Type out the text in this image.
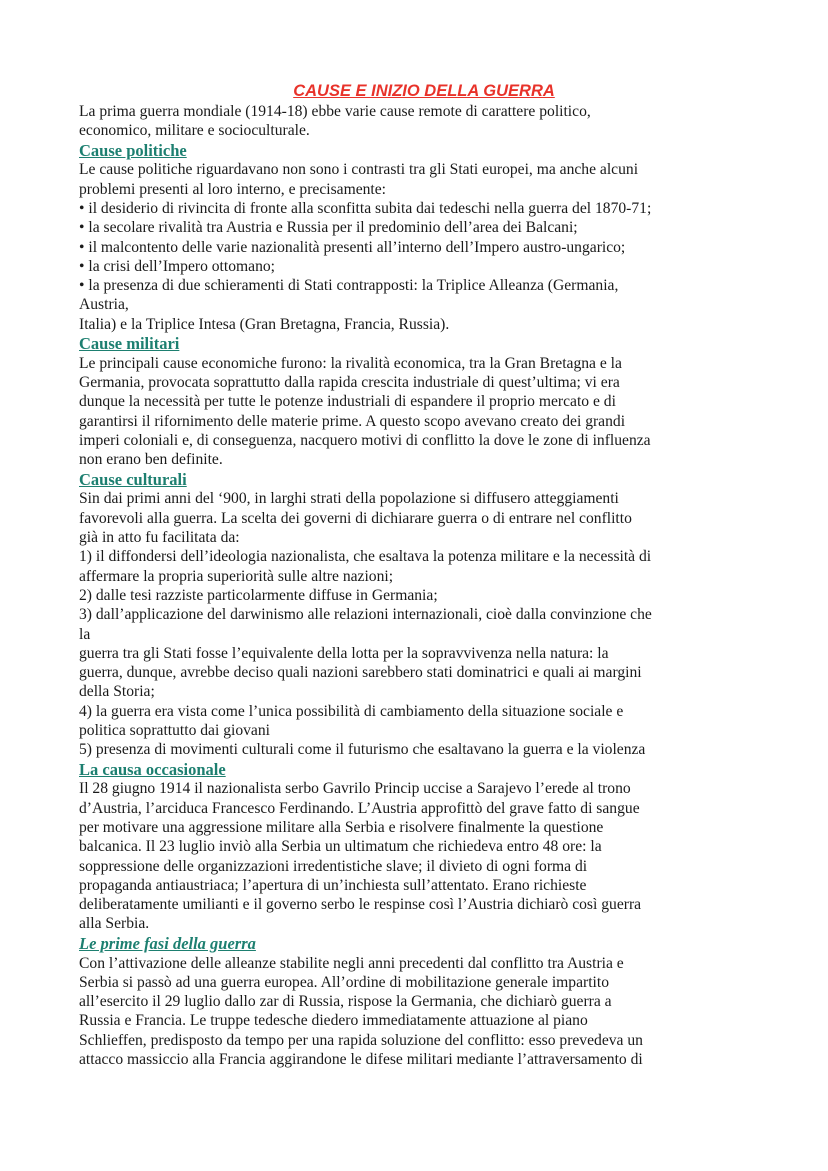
CAUSE E INIZIO DELLA GUERRA

La prima guerra mondiale (1914-18) ebbe varie cause remote di carattere politico,
economico, militare e socioculturale.

Cause politiche

Le cause politiche riguardavano non sono i contrasti tra gli Stati europei, ma anche alcuni
problemi presenti al loro interno, e precisamente:
• il desiderio di rivincita di fronte alla sconfitta subita dai tedeschi nella guerra del 1870-71;
• la secolare rivalità tra Austria e Russia per il predominio dell’area dei Balcani;
• il malcontento delle varie nazionalità presenti all’interno dell’Impero austro-ungarico;
• la crisi dell’Impero ottomano;
• la presenza di due schieramenti di Stati contrapposti: la Triplice Alleanza (Germania,
Austria,
Italia) e la Triplice Intesa (Gran Bretagna, Francia, Russia).

Cause militari

Le principali cause economiche furono: la rivalità economica, tra la Gran Bretagna e la
Germania, provocata soprattutto dalla rapida crescita industriale di quest’ultima; vi era
dunque la necessità per tutte le potenze industriali di espandere il proprio mercato e di
garantirsi il rifornimento delle materie prime. A questo scopo avevano creato dei grandi
imperi coloniali e, di conseguenza, nacquero motivi di conflitto la dove le zone di influenza
non erano ben definite.

Cause culturali

Sin dai primi anni del ‘900, in larghi strati della popolazione si diffusero atteggiamenti
favorevoli alla guerra. La scelta dei governi di dichiarare guerra o di entrare nel conflitto
già in atto fu facilitata da:
1) il diffondersi dell’ideologia nazionalista, che esaltava la potenza militare e la necessità di
affermare la propria superiorità sulle altre nazioni;
2) dalle tesi razziste particolarmente diffuse in Germania;
3) dall’applicazione del darwinismo alle relazioni internazionali, cioè dalla convinzione che
la
guerra tra gli Stati fosse l’equivalente della lotta per la sopravvivenza nella natura: la
guerra, dunque, avrebbe deciso quali nazioni sarebbero stati dominatrici e quali ai margini
della Storia;
4) la guerra era vista come l’unica possibilità di cambiamento della situazione sociale e
politica soprattutto dai giovani
5) presenza di movimenti culturali come il futurismo che esaltavano la guerra e la violenza

La causa occasionale

Il 28 giugno 1914 il nazionalista serbo Gavrilo Princip uccise a Sarajevo l’erede al trono
d’Austria, l’arciduca Francesco Ferdinando. L’Austria approfittò del grave fatto di sangue
per motivare una aggressione militare alla Serbia e risolvere finalmente la questione
balcanica. Il 23 luglio inviò alla Serbia un ultimatum che richiedeva entro 48 ore: la
soppressione delle organizzazioni irredentistiche slave; il divieto di ogni forma di
propaganda antiaustriaca; l’apertura di un’inchiesta sull’attentato. Erano richieste
deliberatamente umilianti e il governo serbo le respinse così l’Austria dichiarò così guerra
alla Serbia.

Le prime fasi della guerra

Con l’attivazione delle alleanze stabilite negli anni precedenti dal conflitto tra Austria e
Serbia si passò ad una guerra europea. All’ordine di mobilitazione generale impartito
all’esercito il 29 luglio dallo zar di Russia, rispose la Germania, che dichiarò guerra a
Russia e Francia. Le truppe tedesche diedero immediatamente attuazione al piano
Schlieffen, predisposto da tempo per una rapida soluzione del conflitto: esso prevedeva un
attacco massiccio alla Francia aggirandone le difese militari mediante l’attraversamento di
